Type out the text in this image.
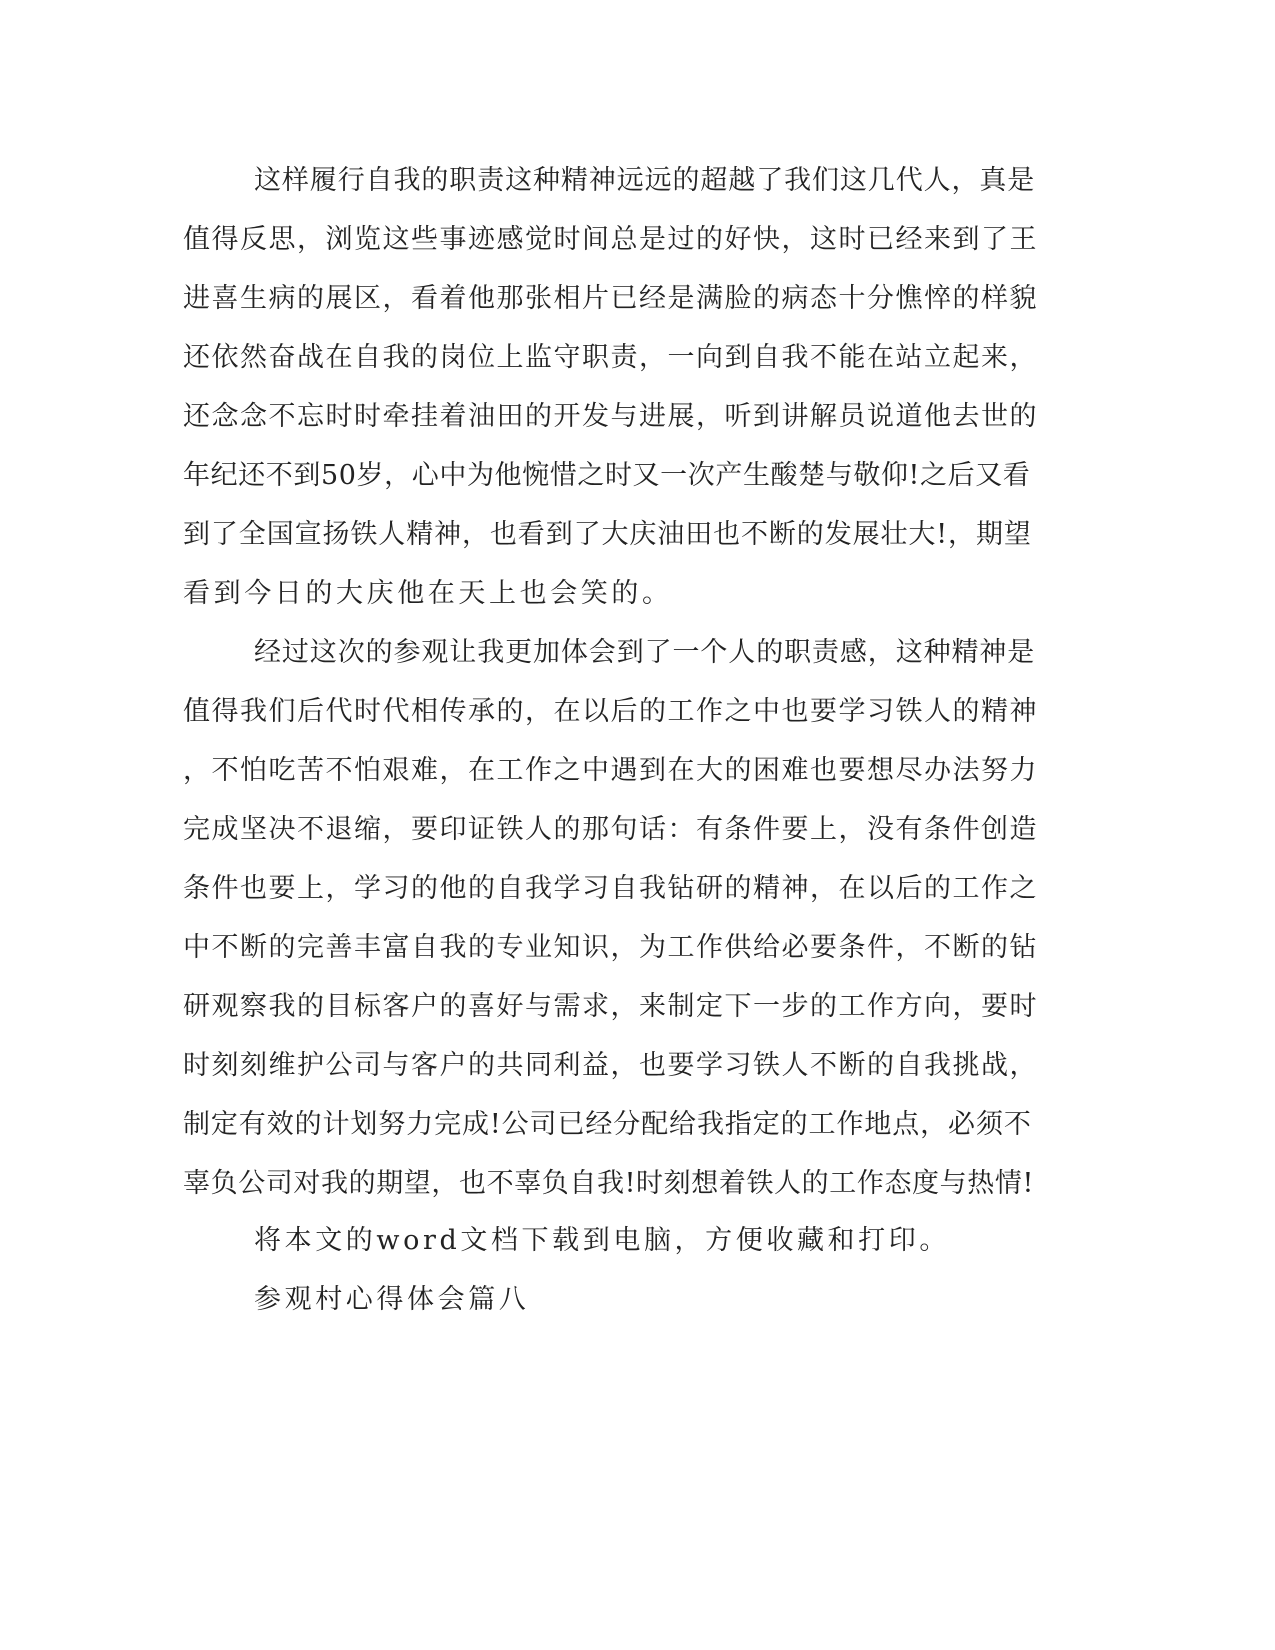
这样履行自我的职责这种精神远远的超越了我们这几代人，真是

值得反思，浏览这些事迹感觉时间总是过的好快，这时已经来到了王

进喜生病的展区，看着他那张相片已经是满脸的病态十分憔悴的样貌

还依然奋战在自我的岗位上监守职责，一向到自我不能在站立起来，

还念念不忘时时牵挂着油田的开发与进展，听到讲解员说道他去世的

年纪还不到50岁，心中为他惋惜之时又一次产生酸楚与敬仰!之后又看

到了全国宣扬铁人精神，也看到了大庆油田也不断的发展壮大!，期望

看到今日的大庆他在天上也会笑的。

经过这次的参观让我更加体会到了一个人的职责感，这种精神是

值得我们后代时代相传承的，在以后的工作之中也要学习铁人的精神

，不怕吃苦不怕艰难，在工作之中遇到在大的困难也要想尽办法努力

完成坚决不退缩，要印证铁人的那句话：有条件要上，没有条件创造

条件也要上，学习的他的自我学习自我钻研的精神，在以后的工作之

中不断的完善丰富自我的专业知识，为工作供给必要条件，不断的钻

研观察我的目标客户的喜好与需求，来制定下一步的工作方向，要时

时刻刻维护公司与客户的共同利益，也要学习铁人不断的自我挑战，

制定有效的计划努力完成!公司已经分配给我指定的工作地点，必须不

辜负公司对我的期望，也不辜负自我!时刻想着铁人的工作态度与热情!

将本文的word文档下载到电脑，方便收藏和打印。

参观村心得体会篇八
